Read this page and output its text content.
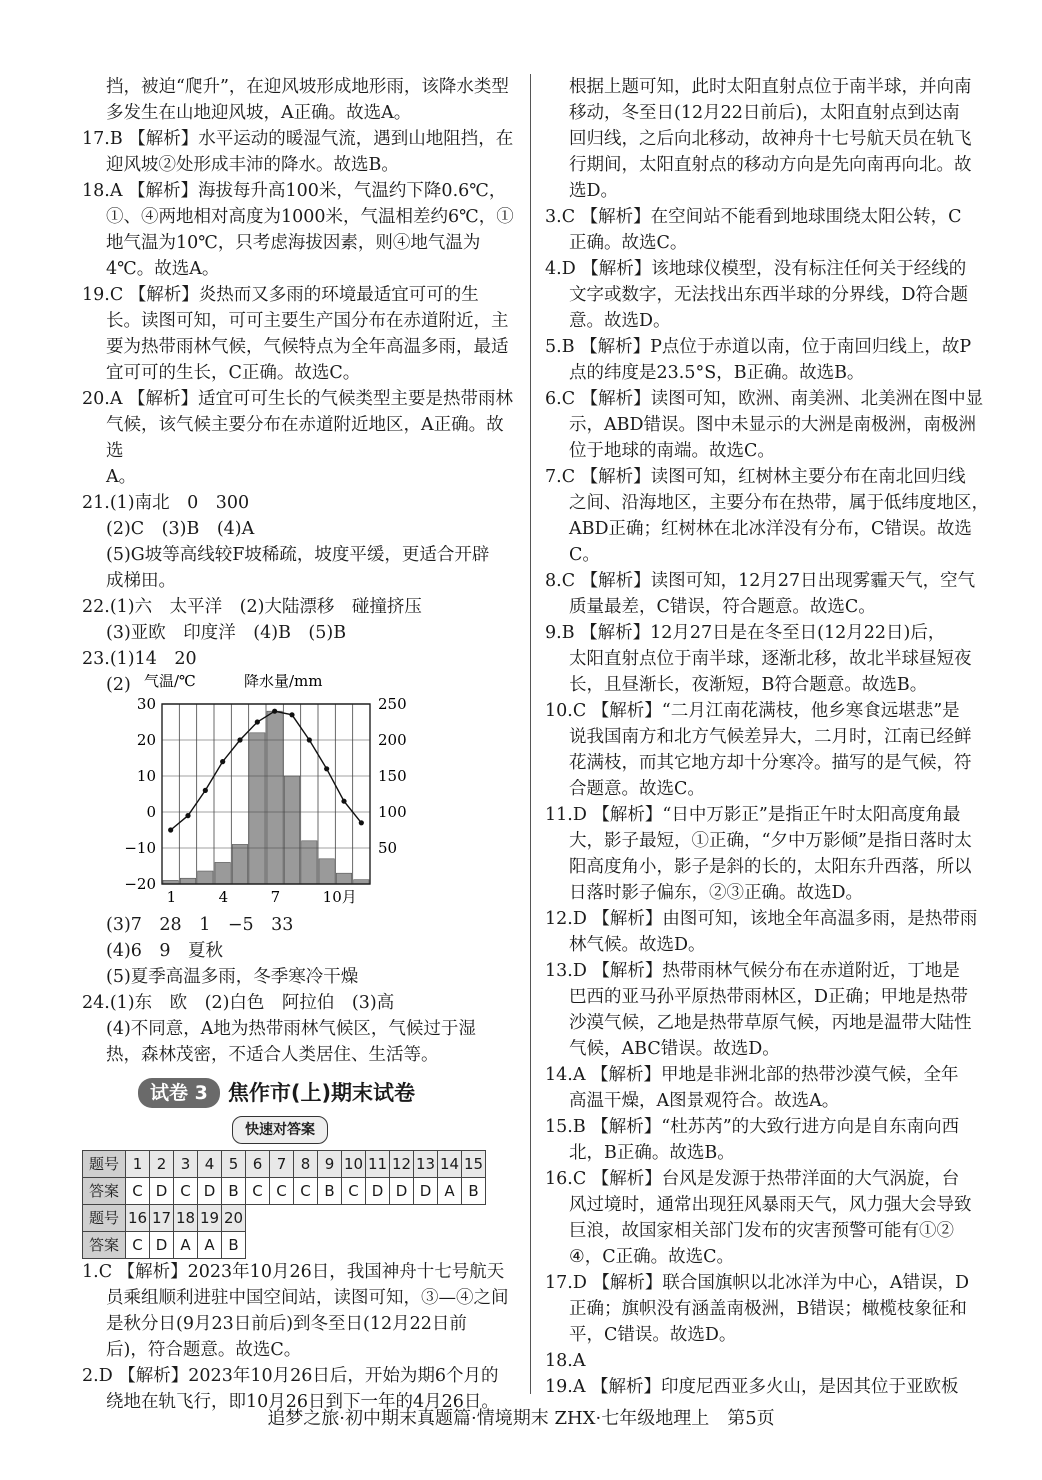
挡，被迫“爬升”，在迎风坡形成地形雨，该降水类型
多发生在山地迎风坡，A正确。故选A。
17.B 【解析】水平运动的暖湿气流，遇到山地阻挡，在
迎风坡②处形成丰沛的降水。故选B。
18.A 【解析】海拔每升高100米，气温约下降0.6℃，
①、④两地相对高度为1000米，气温相差约6℃，①
地气温为10℃，只考虑海拔因素，则④地气温为
4℃。故选A。
19.C 【解析】炎热而又多雨的环境最适宜可可的生
长。读图可知，可可主要生产国分布在赤道附近，主
要为热带雨林气候，气候特点为全年高温多雨，最适
宜可可的生长，C正确。故选C。
20.A 【解析】适宜可可生长的气候类型主要是热带雨林
气候，该气候主要分布在赤道附近地区，A正确。故选
A。
21.(1)南北　0　300
(2)C　(3)B　(4)A
(5)G坡等高线较F坡稀疏，坡度平缓，更适合开辟
成梯田。
22.(1)六　太平洋　(2)大陆漂移　碰撞挤压
(3)亚欧　印度洋　(4)B　(5)B
23.(1)14　20
(2) 气温/℃	降水量/mm
30
20
10
0
−10
−20
250
200
150
100
50
1	4	7	10月
(3)7　28　1　−5　33
(4)6　9　夏秋
(5)夏季高温多雨，冬季寒冷干燥
24.(1)东　欧　(2)白色　阿拉伯　(3)高
(4)不同意，A地为热带雨林气候区，气候过于湿
热，森林茂密，不适合人类居住、生活等。
试卷 3 焦作市(上)期末试卷
快速对答案
题号	1	2	3	4	5	6	7	8	9	10	11	12	13	14	15
答案	C	D	C	D	B	C	C	C	B	C	D	D	D	A	B
题号	16	17	18	19	20										
答案	C	D	A	A	B										
1.C 【解析】2023年10月26日，我国神舟十七号航天
员乘组顺利进驻中国空间站，读图可知，③—④之间
是秋分日(9月23日前后)到冬至日(12月22日前
后)，符合题意。故选C。
2.D 【解析】2023年10月26日后，开始为期6个月的
绕地在轨飞行，即10月26日到下一年的4月26日。
根据上题可知，此时太阳直射点位于南半球，并向南
移动，冬至日(12月22日前后)，太阳直射点到达南
回归线，之后向北移动，故神舟十七号航天员在轨飞
行期间，太阳直射点的移动方向是先向南再向北。故
选D。
3.C 【解析】在空间站不能看到地球围绕太阳公转，C
正确。故选C。
4.D 【解析】该地球仪模型，没有标注任何关于经线的
文字或数字，无法找出东西半球的分界线，D符合题
意。故选D。
5.B 【解析】P点位于赤道以南，位于南回归线上，故P
点的纬度是23.5°S，B正确。故选B。
6.C 【解析】读图可知，欧洲、南美洲、北美洲在图中显
示，ABD错误。图中未显示的大洲是南极洲，南极洲
位于地球的南端。故选C。
7.C 【解析】读图可知，红树林主要分布在南北回归线
之间、沿海地区，主要分布在热带，属于低纬度地区，
ABD正确；红树林在北冰洋没有分布，C错误。故选C。
8.C 【解析】读图可知，12月27日出现雾霾天气，空气
质量最差，C错误，符合题意。故选C。
9.B 【解析】12月27日是在冬至日(12月22日)后，
太阳直射点位于南半球，逐渐北移，故北半球昼短夜
长，且昼渐长，夜渐短，B符合题意。故选B。
10.C 【解析】“二月江南花满枝，他乡寒食远堪悲”是
说我国南方和北方气候差异大，二月时，江南已经鲜
花满枝，而其它地方却十分寒冷。描写的是气候，符
合题意。故选C。
11.D 【解析】“日中万影正”是指正午时太阳高度角最
大，影子最短，①正确，“夕中万影倾”是指日落时太
阳高度角小，影子是斜的长的，太阳东升西落，所以
日落时影子偏东，②③正确。故选D。
12.D 【解析】由图可知，该地全年高温多雨，是热带雨
林气候。故选D。
13.D 【解析】热带雨林气候分布在赤道附近，丁地是
巴西的亚马孙平原热带雨林区，D正确；甲地是热带
沙漠气候，乙地是热带草原气候，丙地是温带大陆性
气候，ABC错误。故选D。
14.A 【解析】甲地是非洲北部的热带沙漠气候，全年
高温干燥，A图景观符合。故选A。
15.B 【解析】“杜苏芮”的大致行进方向是自东南向西
北，B正确。故选B。
16.C 【解析】台风是发源于热带洋面的大气涡旋，台
风过境时，通常出现狂风暴雨天气，风力强大会导致
巨浪，故国家相关部门发布的灾害预警可能有①②
④，C正确。故选C。
17.D 【解析】联合国旗帜以北冰洋为中心，A错误，D
正确；旗帜没有涵盖南极洲，B错误；橄榄枝象征和
平，C错误。故选D。
18.A
19.A 【解析】印度尼西亚多火山，是因其位于亚欧板
追梦之旅·初中期末真题篇·情境期末 ZHX·七年级地理上　第5页
